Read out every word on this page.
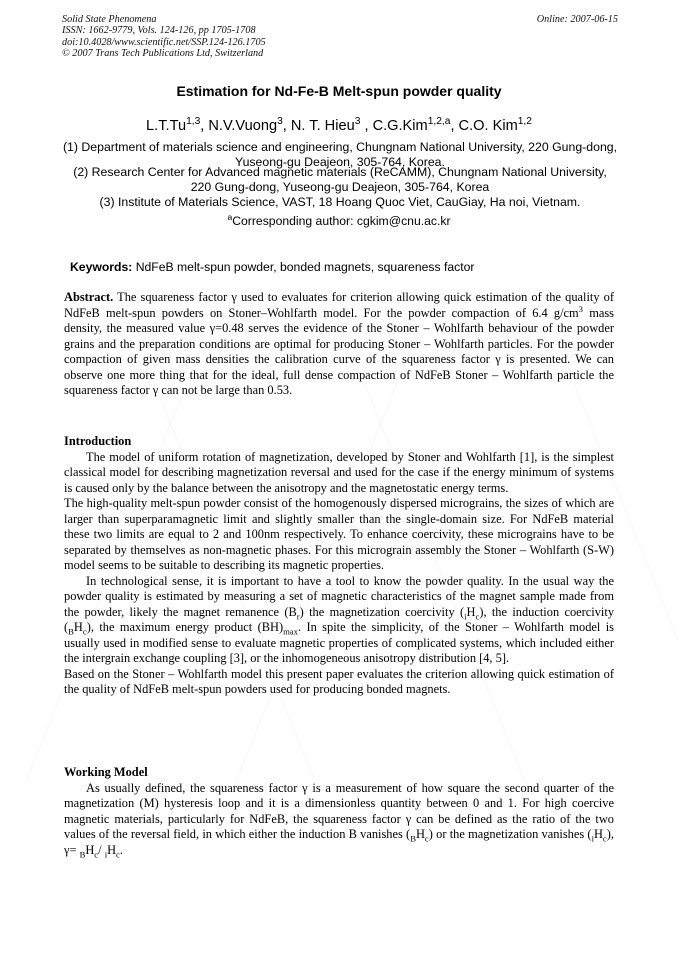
Solid State Phenomena
ISSN: 1662-9779, Vols. 124-126, pp 1705-1708
doi:10.4028/www.scientific.net/SSP.124-126.1705
© 2007 Trans Tech Publications Ltd, Switzerland
Online: 2007-06-15
Estimation for Nd-Fe-B Melt-spun powder quality
L.T.Tu$^{1,3}$, N.V.Vuong$^3$, N. T. Hieu$^3$ , C.G.Kim$^{1,2,a}$, C.O. Kim$^{1,2}$
(1) Department of materials science and engineering, Chungnam National University, 220 Gung-dong, Yuseong-gu Deajeon, 305-764, Korea.
(2) Research Center for Advanced magnetic materials (ReCAMM), Chungnam National University, 220 Gung-dong, Yuseong-gu Deajeon, 305-764, Korea
(3) Institute of Materials Science, VAST, 18 Hoang Quoc Viet, CauGiay, Ha noi, Vietnam.
$^a$Corresponding author: cgkim@cnu.ac.kr
Keywords: NdFeB melt-spun powder, bonded magnets, squareness factor

Abstract. The squareness factor γ used to evaluates for criterion allowing quick estimation of the quality of NdFeB melt-spun powders on Stoner–Wohlfarth model. For the powder compaction of 6.4 $g/cm^3$ mass density, the measured value γ=0.48 serves the evidence of the Stoner – Wohlfarth behaviour of the powder grains and the preparation conditions are optimal for producing Stoner – Wohlfarth particles. For the powder compaction of given mass densities the calibration curve of the squareness factor γ is presented. We can observe one more thing that for the ideal, full dense compaction of NdFeB Stoner – Wohlfarth particle the squareness factor γ can not be large than 0.53.

Introduction

The model of uniform rotation of magnetization, developed by Stoner and Wohlfarth [1], is the simplest classical model for describing magnetization reversal and used for the case if the energy minimum of systems is caused only by the balance between the anisotropy and the magnetostatic energy terms.

The high-quality melt-spun powder consist of the homogenously dispersed micrograins, the sizes of which are larger than superparamagnetic limit and slightly smaller than the single-domain size. For NdFeB material these two limits are equal to 2 and 100nm respectively. To enhance coercivity, these micrograins have to be separated by themselves as non-magnetic phases. For this micrograin assembly the Stoner – Wohlfarth (S-W) model seems to be suitable to describing its magnetic properties.

In technological sense, it is important to have a tool to know the powder quality. In the usual way the powder quality is estimated by measuring a set of magnetic characteristics of the magnet sample made from the powder, likely the magnet remanence $(B_r)$ the magnetization coercivity $(_iH_c)$, the induction coercivity $(_BH_c)$, the maximum energy product $(BH)_{max}$. In spite the simplicity, of the Stoner – Wohlfarth model is usually used in modified sense to evaluate magnetic properties of complicated systems, which included either the intergrain exchange coupling [3], or the inhomogeneous anisotropy distribution [4, 5].

Based on the Stoner – Wohlfarth model this present paper evaluates the criterion allowing quick estimation of the quality of NdFeB melt-spun powders used for producing bonded magnets.

Working Model

As usually defined, the squareness factor γ is a measurement of how square the second quarter of the magnetization (M) hysteresis loop and it is a dimensionless quantity between 0 and 1. For high coercive magnetic materials, particularly for NdFeB, the squareness factor γ can be defined as the ratio of the two values of the reversal field, in which either the induction B vanishes $(_BH_c)$ or the magnetization vanishes $(_iH_c)$, $\gamma= _BH_c/$ $_iH_c$.
